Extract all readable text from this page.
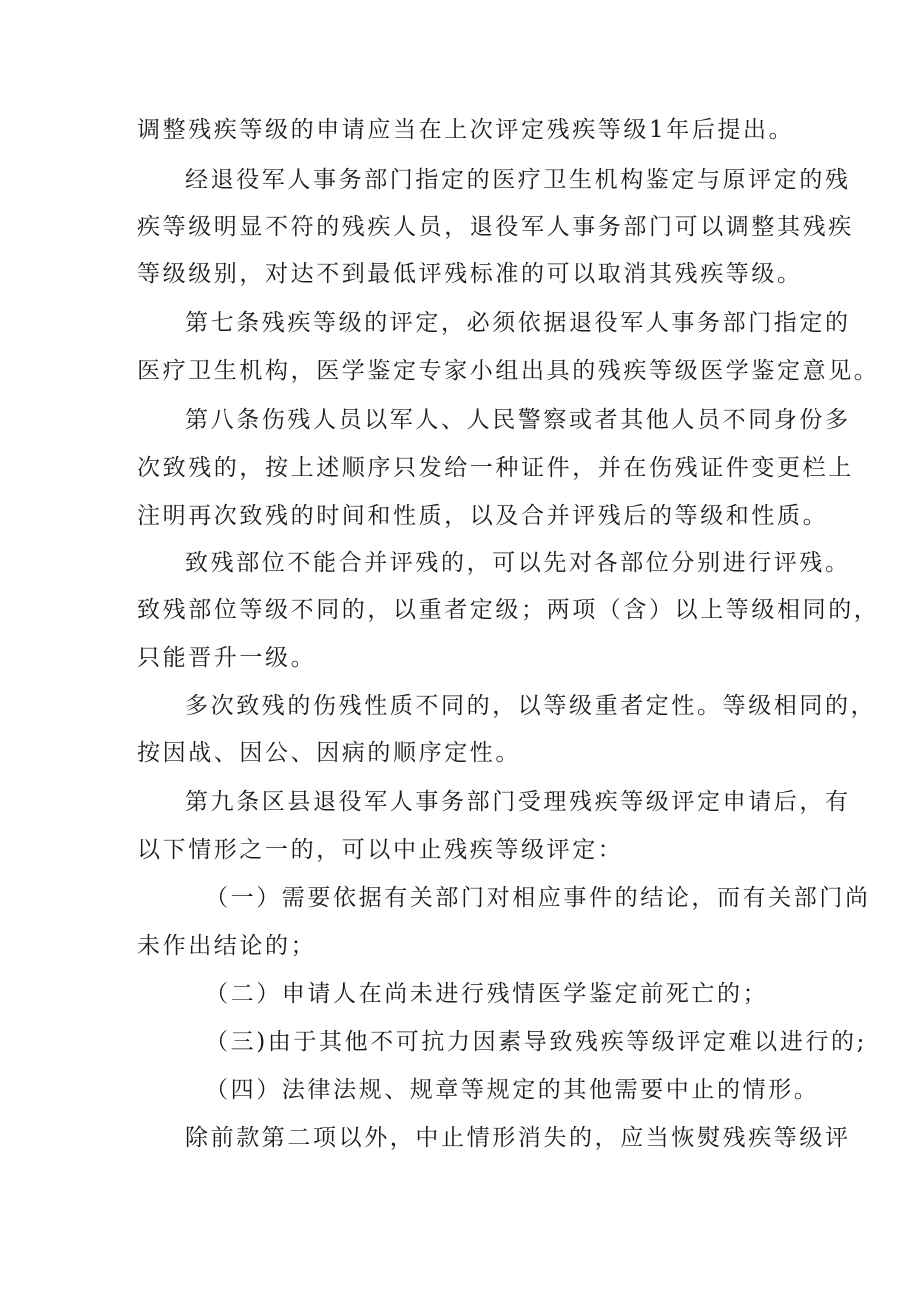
调整残疾等级的申请应当在上次评定残疾等级1年后提出。

经退役军人事务部门指定的医疗卫生机构鉴定与原评定的残

疾等级明显不符的残疾人员，退役军人事务部门可以调整其残疾

等级级别，对达不到最低评残标准的可以取消其残疾等级。

第七条残疾等级的评定，必须依据退役军人事务部门指定的

医疗卫生机构，医学鉴定专家小组出具的残疾等级医学鉴定意见。

第八条伤残人员以军人、人民警察或者其他人员不同身份多

次致残的，按上述顺序只发给一种证件，并在伤残证件变更栏上

注明再次致残的时间和性质，以及合并评残后的等级和性质。

致残部位不能合并评残的，可以先对各部位分别进行评残。

致残部位等级不同的，以重者定级；两项（含）以上等级相同的，

只能晋升一级。

多次致残的伤残性质不同的，以等级重者定性。等级相同的，

按因战、因公、因病的顺序定性。

第九条区县退役军人事务部门受理残疾等级评定申请后，有

以下情形之一的，可以中止残疾等级评定：

（一）需要依据有关部门对相应事件的结论，而有关部门尚

未作出结论的；

（二）申请人在尚未进行残情医学鉴定前死亡的；

（三)由于其他不可抗力因素导致残疾等级评定难以进行的;

（四）法律法规、规章等规定的其他需要中止的情形。

除前款第二项以外，中止情形消失的，应当恢熨残疾等级评
